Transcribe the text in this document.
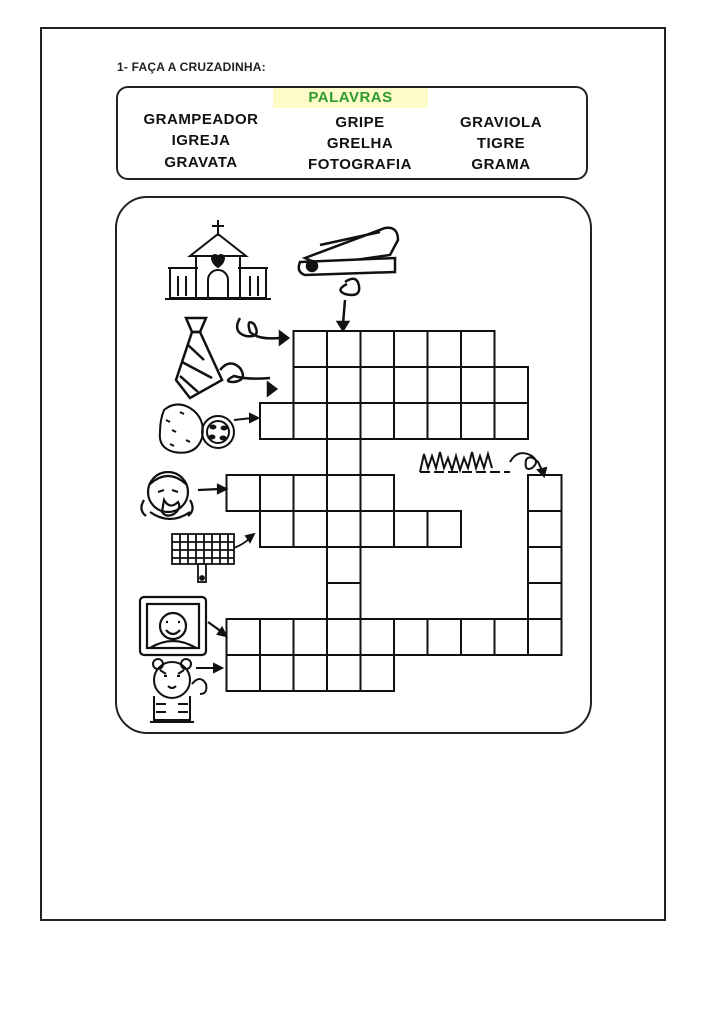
1- FAÇA A CRUZADINHA:
PALAVRAS
GRAMPEADOR
IGREJA
GRAVATA
GRIPE
GRELHA
FOTOGRAFIA
GRAVIOLA
TIGRE
GRAMA
